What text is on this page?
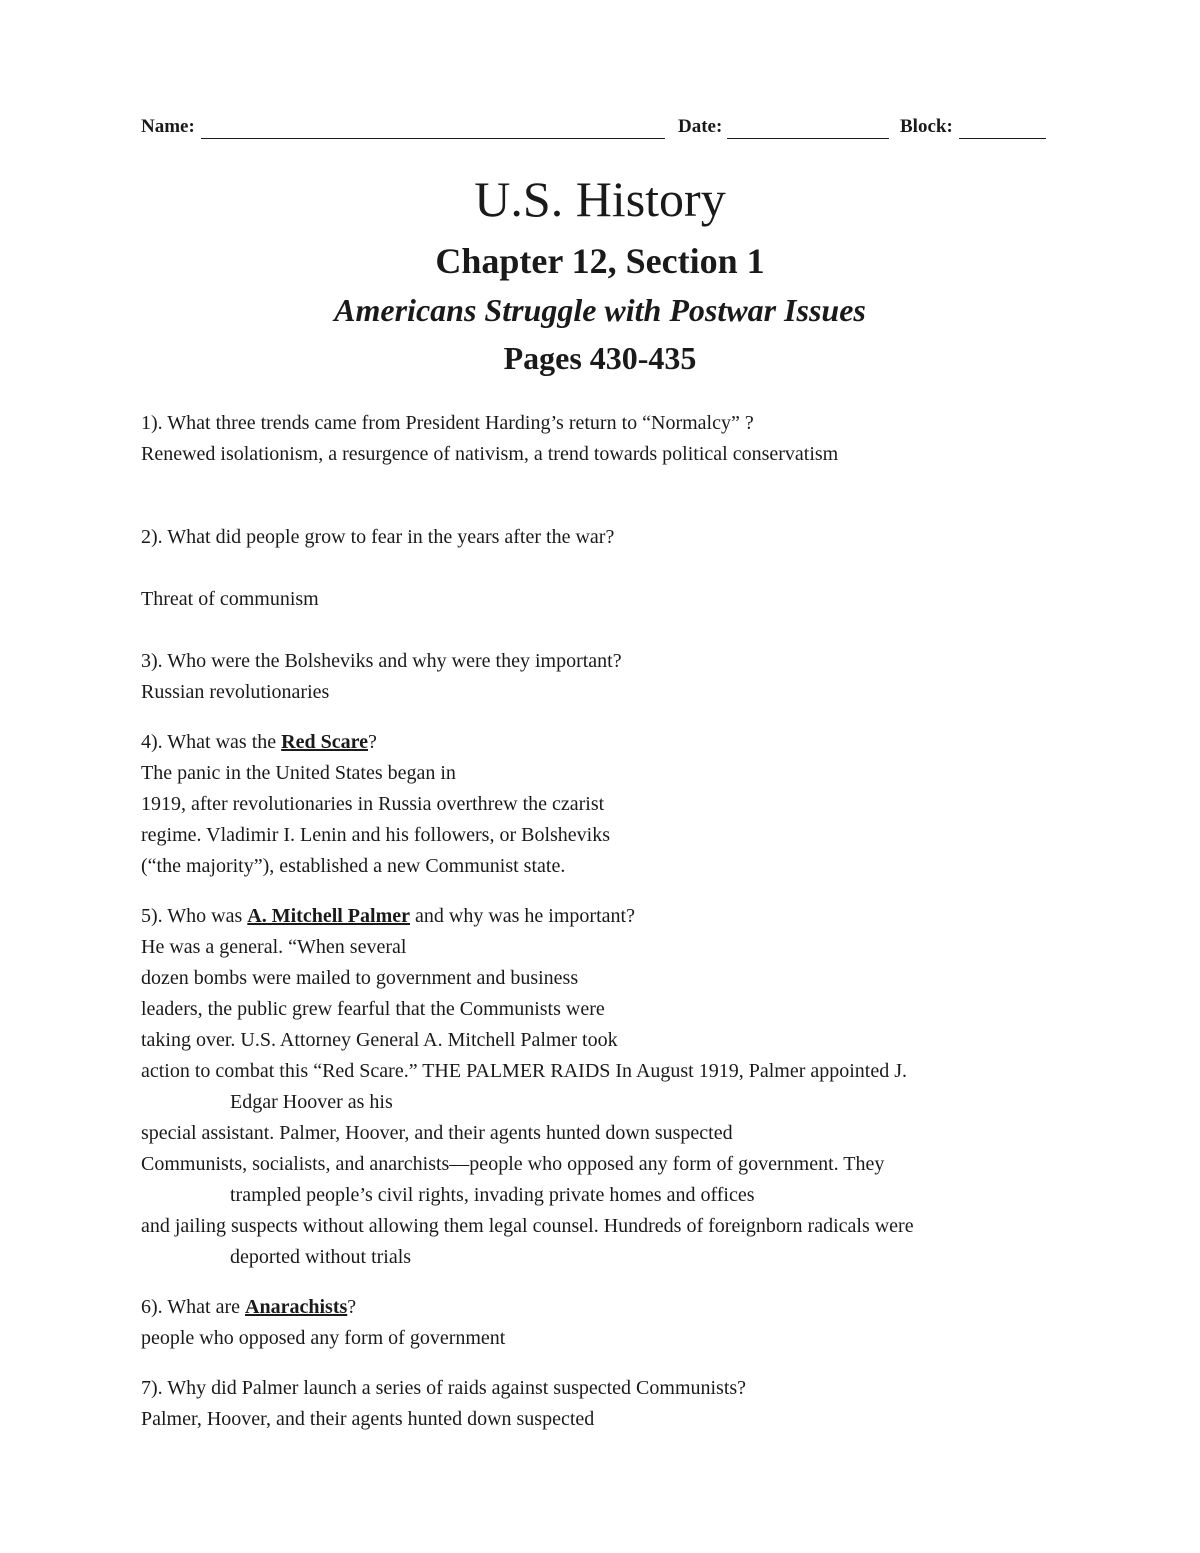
Name:	Date:	Block:
U.S. History
Chapter 12, Section 1
Americans Struggle with Postwar Issues
Pages 430-435

1). What three trends came from President Harding’s return to “Normalcy” ?

Renewed isolationism, a resurgence of nativism, a trend towards political conservatism

2). What did people grow to fear in the years after the war?

Threat of communism

3). Who were the Bolsheviks and why were they important?

Russian revolutionaries

4). What was the Red Scare?

The panic in the United States began in

1919, after revolutionaries in Russia overthrew the czarist

regime. Vladimir I. Lenin and his followers, or Bolsheviks

(“the majority”), established a new Communist state.

5). Who was A. Mitchell Palmer and why was he important?

He was a general. “When several

dozen bombs were mailed to government and business

leaders, the public grew fearful that the Communists were

taking over. U.S. Attorney General A. Mitchell Palmer took

action to combat this “Red Scare.” THE PALMER RAIDS In August 1919, Palmer appointed J.

Edgar Hoover as his

special assistant. Palmer, Hoover, and their agents hunted down suspected

Communists, socialists, and anarchists—people who opposed any form of government. They

trampled people’s civil rights, invading private homes and offices

and jailing suspects without allowing them legal counsel. Hundreds of foreignborn radicals were

deported without trials

6). What are Anarachists?

people who opposed any form of government

7). Why did Palmer launch a series of raids against suspected Communists?

Palmer, Hoover, and their agents hunted down suspected
